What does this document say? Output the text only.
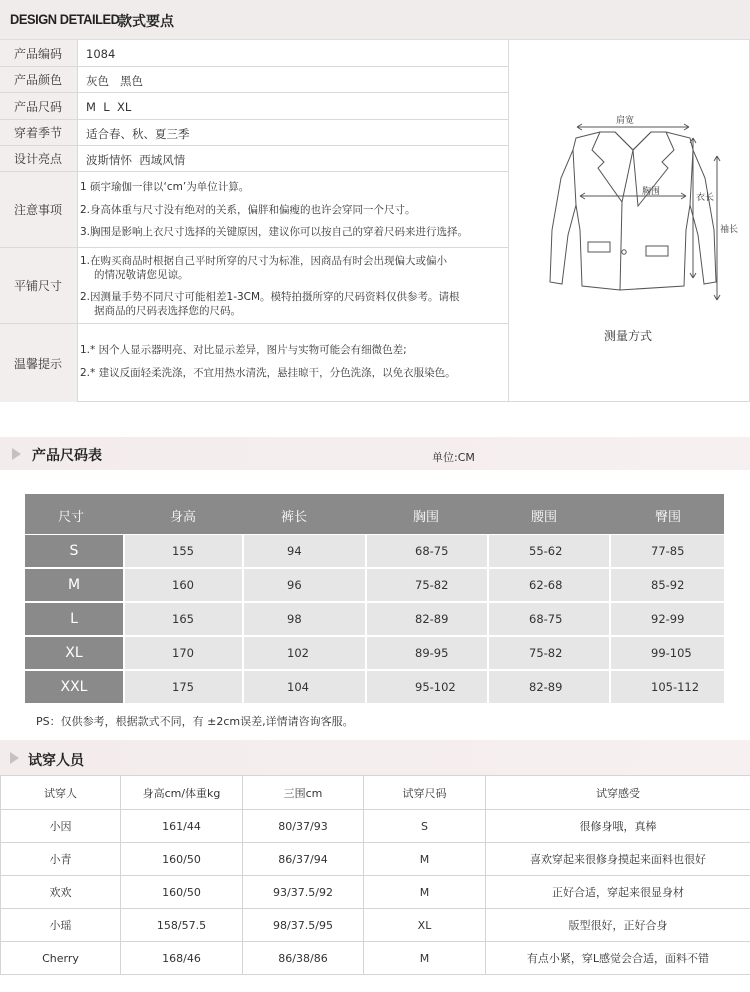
DESIGN DETAILED
款式要点
产品编码	1084
产品颜色	灰色   黑色
产品尺码	M  L  XL
穿着季节	适合春、秋、夏三季
设计亮点	波斯情怀  西域风情
注意事项
1 硕宇瑜伽一律以‘cm’为单位计算。
2.身高体重与尺寸没有绝对的关系，偏胖和偏瘦的也许会穿同一个尺寸。
3.胸围是影响上衣尺寸选择的关键原因，建议你可以按自己的穿着尺码来进行选择。
平铺尺寸
1.在购买商品时根据自己平时所穿的尺寸为标准，因商品有时会出现偏大或偏小
的情况敬请您见谅。
2.因测量手势不同尺寸可能相差1-3CM。模特拍摄所穿的尺码资料仅供参考。请根
据商品的尺码表选择您的尺码。
温馨提示
1.* 因个人显示器明亮、对比显示差异，图片与实物可能会有细微色差;
2.* 建议反面轻柔洗涤，不宜用热水清洗，悬挂晾干，分色洗涤，以免衣服染色。
肩宽
胸围
衣长
袖长
测量方式
产品尺码表	单位:CM
尺寸	身高	裤长	胸围	腰围	臀围
S	155	94	68-75	55-62	77-85
M	160	96	75-82	62-68	85-92
L	165	98	82-89	68-75	92-99
XL	170	102	89-95	75-82	99-105
XXL	175	104	95-102	82-89	105-112
PS：仅供参考，根据款式不同，有 ±2cm误差,详情请咨询客服。
试穿人员
试穿人	身高cm/体重kg	三围cm	试穿尺码	试穿感受
小因	161/44	80/37/93	S	很修身哦，真棒
小青	160/50	86/37/94	M	喜欢穿起来很修身摸起来面料也很好
欢欢	160/50	93/37.5/92	M	正好合适，穿起来很显身材
小瑶	158/57.5	98/37.5/95	XL	版型很好，正好合身
Cherry	168/46	86/38/86	M	有点小紧，穿L感觉会合适，面料不错
